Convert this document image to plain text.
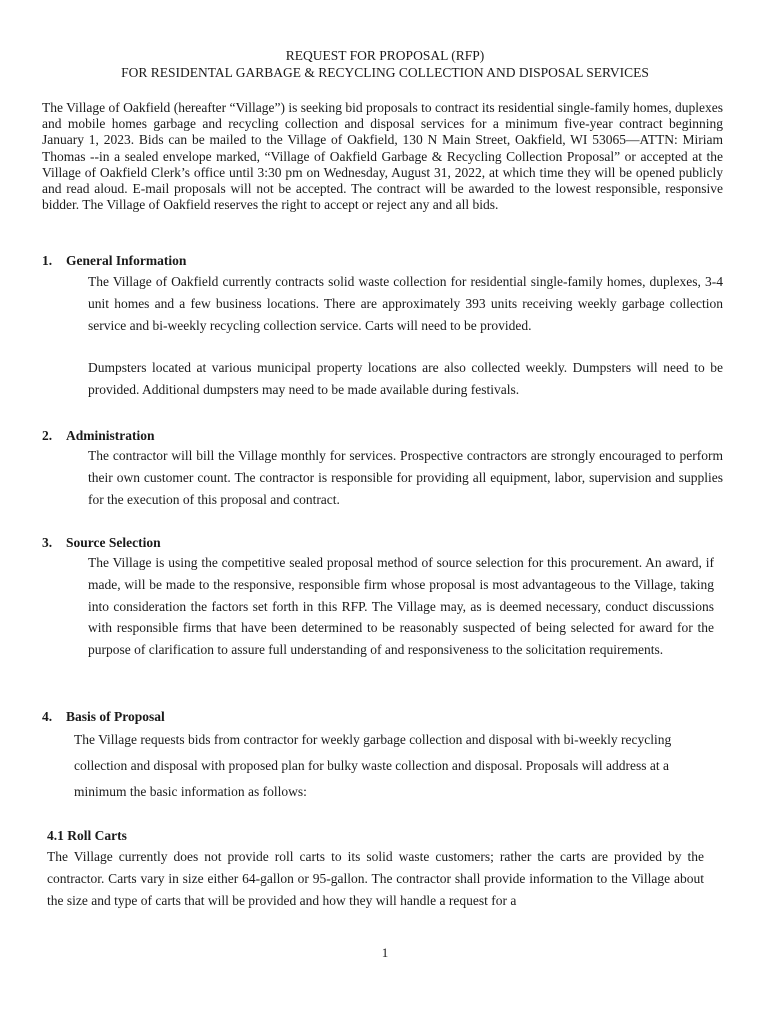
REQUEST FOR PROPOSAL (RFP)
FOR RESIDENTAL GARBAGE & RECYCLING COLLECTION AND DISPOSAL SERVICES

The Village of Oakfield (hereafter “Village”) is seeking bid proposals to contract its residential single-family homes, duplexes and mobile homes garbage and recycling collection and disposal services for a minimum five-year contract beginning January 1, 2023. Bids can be mailed to the Village of Oakfield, 130 N Main Street, Oakfield, WI 53065—ATTN: Miriam Thomas --in a sealed envelope marked, “Village of Oakfield Garbage & Recycling Collection Proposal” or accepted at the Village of Oakfield Clerk’s office until 3:30 pm on Wednesday, August 31, 2022, at which time they will be opened publicly and read aloud. E-mail proposals will not be accepted. The contract will be awarded to the lowest responsible, responsive bidder. The Village of Oakfield reserves the right to accept or reject any and all bids.

1. General Information

The Village of Oakfield currently contracts solid waste collection for residential single-family homes, duplexes, 3-4 unit homes and a few business locations. There are approximately 393 units receiving weekly garbage collection service and bi-weekly recycling collection service. Carts will need to be provided.

Dumpsters located at various municipal property locations are also collected weekly. Dumpsters will need to be provided. Additional dumpsters may need to be made available during festivals.

2. Administration

The contractor will bill the Village monthly for services. Prospective contractors are strongly encouraged to perform their own customer count. The contractor is responsible for providing all equipment, labor, supervision and supplies for the execution of this proposal and contract.

3. Source Selection

The Village is using the competitive sealed proposal method of source selection for this procurement. An award, if made, will be made to the responsive, responsible firm whose proposal is most advantageous to the Village, taking into consideration the factors set forth in this RFP. The Village may, as is deemed necessary, conduct discussions with responsible firms that have been determined to be reasonably suspected of being selected for award for the purpose of clarification to assure full understanding of and responsiveness to the solicitation requirements.

4. Basis of Proposal

The Village requests bids from contractor for weekly garbage collection and disposal with bi-weekly recycling collection and disposal with proposed plan for bulky waste collection and disposal. Proposals will address at a minimum the basic information as follows:

4.1 Roll Carts

The Village currently does not provide roll carts to its solid waste customers; rather the carts are provided by the contractor. Carts vary in size either 64-gallon or 95-gallon. The contractor shall provide information to the Village about the size and type of carts that will be provided and how they will handle a request for a

1
